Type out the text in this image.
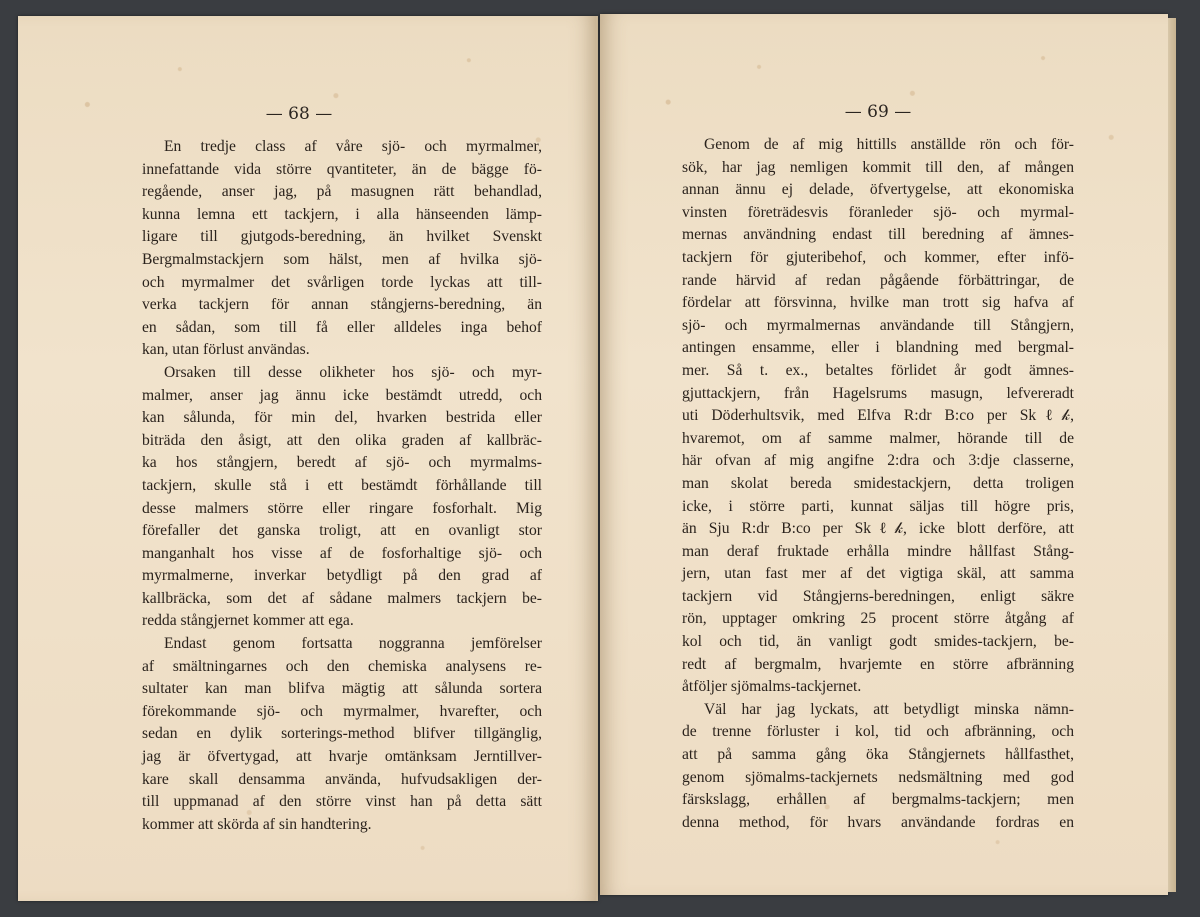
— 68 —
En tredje class af våre sjö- och myrmalmer,
innefattande vida större qvantiteter, än de bägge fö-
regående, anser jag, på masugnen rätt behandlad,
kunna lemna ett tackjern, i alla hänseenden lämp-
ligare till gjutgods-beredning, än hvilket Svenskt
Bergmalmstackjern som hälst, men af hvilka sjö-
och myrmalmer det svårligen torde lyckas att till-
verka tackjern för annan stångjerns-beredning, än
en sådan, som till få eller alldeles inga behof
kan, utan förlust användas.
Orsaken till desse olikheter hos sjö- och myr-
malmer, anser jag ännu icke bestämdt utredd, och
kan sålunda, för min del, hvarken bestrida eller
biträda den åsigt, att den olika graden af kallbräc-
ka hos stångjern, beredt af sjö- och myrmalms-
tackjern, skulle stå i ett bestämdt förhållande till
desse malmers större eller ringare fosforhalt. Mig
förefaller det ganska troligt, att en ovanligt stor
manganhalt hos visse af de fosforhaltige sjö- och
myrmalmerne, inverkar betydligt på den grad af
kallbräcka, som det af sådane malmers tackjern be-
redda stångjernet kommer att ega.
Endast genom fortsatta noggranna jemförelser
af smältningarnes och den chemiska analysens re-
sultater kan man blifva mägtig att sålunda sortera
förekommande sjö- och myrmalmer, hvarefter, och
sedan en dylik sorterings-method blifver tillgänglig,
jag är öfvertygad, att hvarje omtänksam Jerntillver-
kare skall densamma använda, hufvudsakligen der-
till uppmanad af den större vinst han på detta sätt
kommer att skörda af sin handtering.
— 69 —
Genom de af mig hittills anställde rön och för-
sök, har jag nemligen kommit till den, af mången
annan ännu ej delade, öfvertygelse, att ekonomiska
vinsten företrädesvis föranleder sjö- och myrmal-
mernas användning endast till beredning af ämnes-
tackjern för gjuteribehof, och kommer, efter infö-
rande härvid af redan pågående förbättringar, de
fördelar att försvinna, hvilke man trott sig hafva af
sjö- och myrmalmernas användande till Stångjern,
antingen ensamme, eller i blandning med bergmal-
mer. Så t. ex., betaltes förlidet år godt ämnes-
gjuttackjern, från Hagelsrums masugn, lefvereradt
uti Döderhultsvik, med Elfva R:dr B:co per Skℓ𝓀,
hvaremot, om af samme malmer, hörande till de
här ofvan af mig angifne 2:dra och 3:dje classerne,
man skolat bereda smidestackjern, detta troligen
icke, i större parti, kunnat säljas till högre pris,
än Sju R:dr B:co per Skℓ𝓀, icke blott derföre, att
man deraf fruktade erhålla mindre hållfast Stång-
jern, utan fast mer af det vigtiga skäl, att samma
tackjern vid Stångjerns-beredningen, enligt säkre
rön, upptager omkring 25 procent större åtgång af
kol och tid, än vanligt godt smides-tackjern, be-
redt af bergmalm, hvarjemte en större afbränning
åtföljer sjömalms-tackjernet.
Väl har jag lyckats, att betydligt minska nämn-
de trenne förluster i kol, tid och afbränning, och
att på samma gång öka Stångjernets hållfasthet,
genom sjömalms-tackjernets nedsmältning med god
färskslagg, erhållen af bergmalms-tackjern; men
denna method, för hvars användande fordras en
